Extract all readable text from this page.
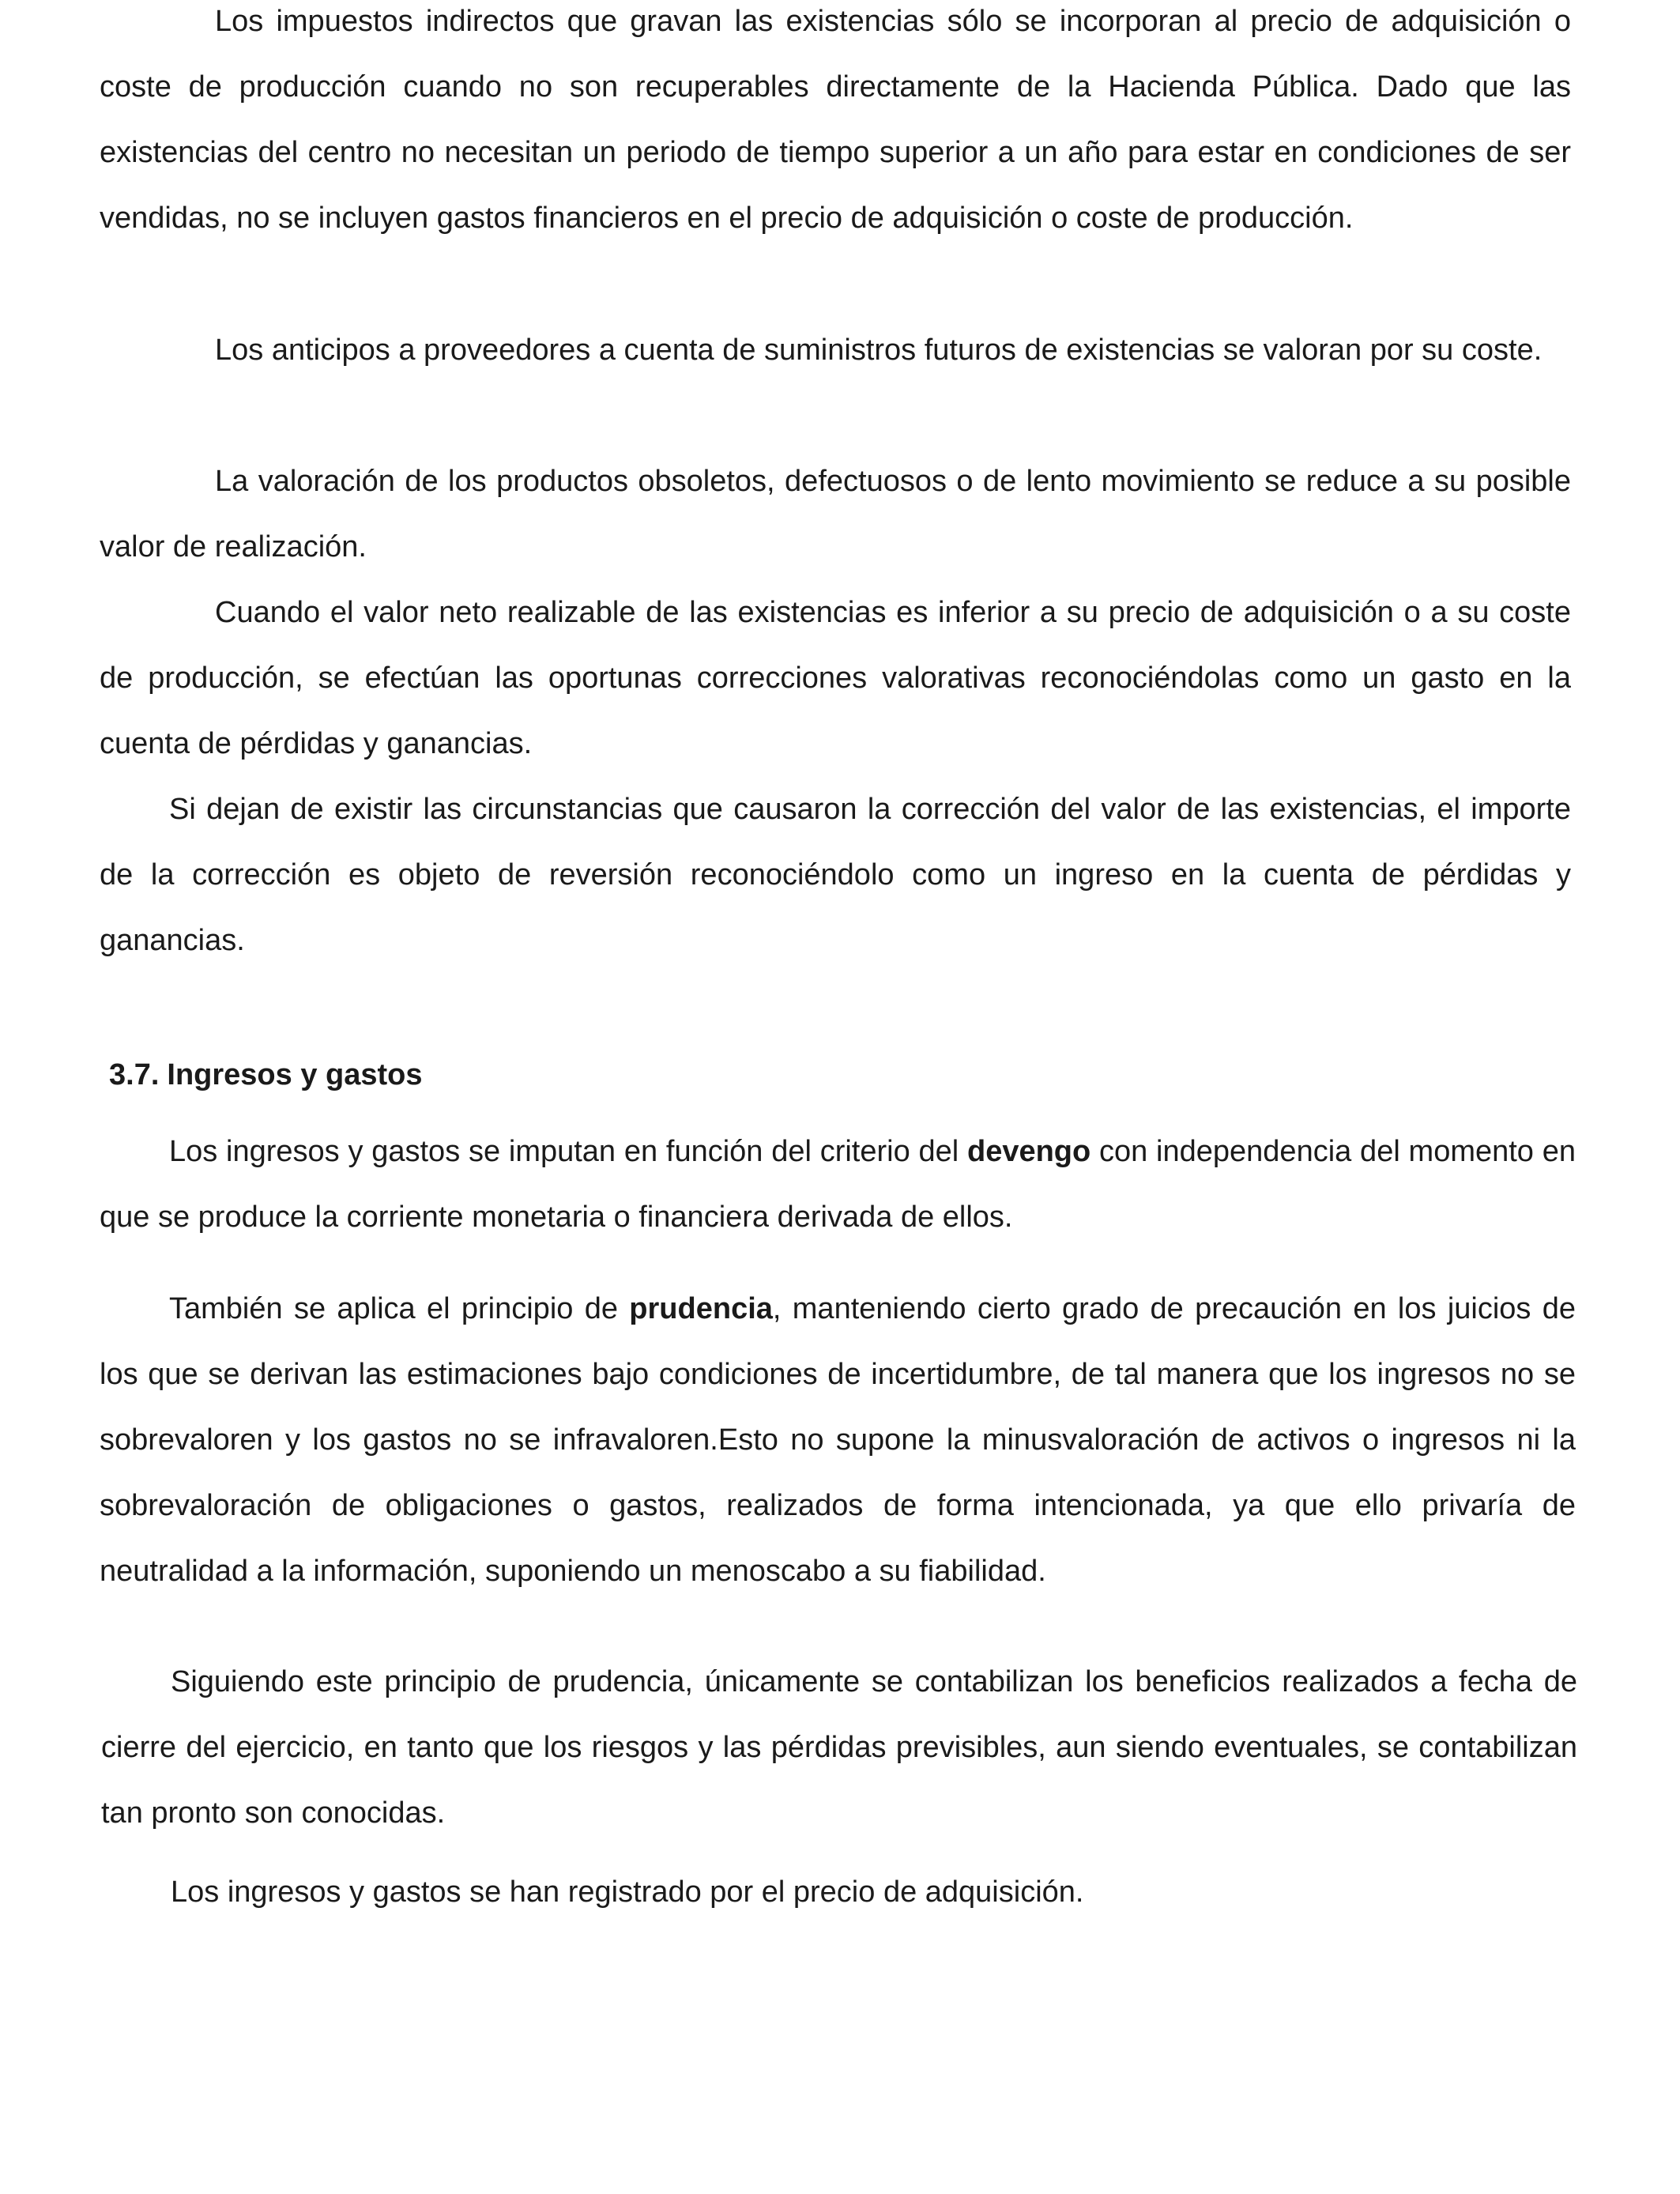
Los impuestos indirectos que gravan las existencias sólo se incorporan al precio de adquisición o coste de producción cuando no son recuperables directamente de la Hacienda Pública. Dado que las existencias del centro no necesitan un periodo de tiempo superior a un año para estar en condiciones de ser vendidas, no se incluyen gastos financieros en el precio de adquisición o coste de producción.

Los anticipos a proveedores a cuenta de suministros futuros de existencias se valoran por su coste.

La valoración de los productos obsoletos, defectuosos o de lento movimiento se reduce a su posible valor de realización.

Cuando el valor neto realizable de las existencias es inferior a su precio de adquisición o a su coste de producción, se efectúan las oportunas correcciones valorativas reconociéndolas como un gasto en la cuenta de pérdidas y ganancias.

Si dejan de existir las circunstancias que causaron la corrección del valor de las existencias, el importe de la corrección es objeto de reversión reconociéndolo como un ingreso en la cuenta de pérdidas y ganancias.

Los ingresos y gastos se imputan en función del criterio del devengo con independencia del momento en que se produce la corriente monetaria o financiera derivada de ellos.

También se aplica el principio de prudencia, manteniendo cierto grado de precaución en los juicios de los que se derivan las estimaciones bajo condiciones de incertidumbre, de tal manera que los ingresos no se sobrevaloren y los gastos no se infravaloren.Esto no supone la minusvaloración de activos o ingresos ni la sobrevaloración de obligaciones o gastos, realizados de forma intencionada, ya que ello privaría de neutralidad a la información, suponiendo un menoscabo a su fiabilidad.

Siguiendo este principio de prudencia, únicamente se contabilizan los beneficios realizados a fecha de cierre del ejercicio, en tanto que los riesgos y las pérdidas previsibles, aun siendo eventuales, se contabilizan tan pronto son conocidas.

Los ingresos y gastos se han registrado por el precio de adquisición.

3.7. Ingresos y gastos
